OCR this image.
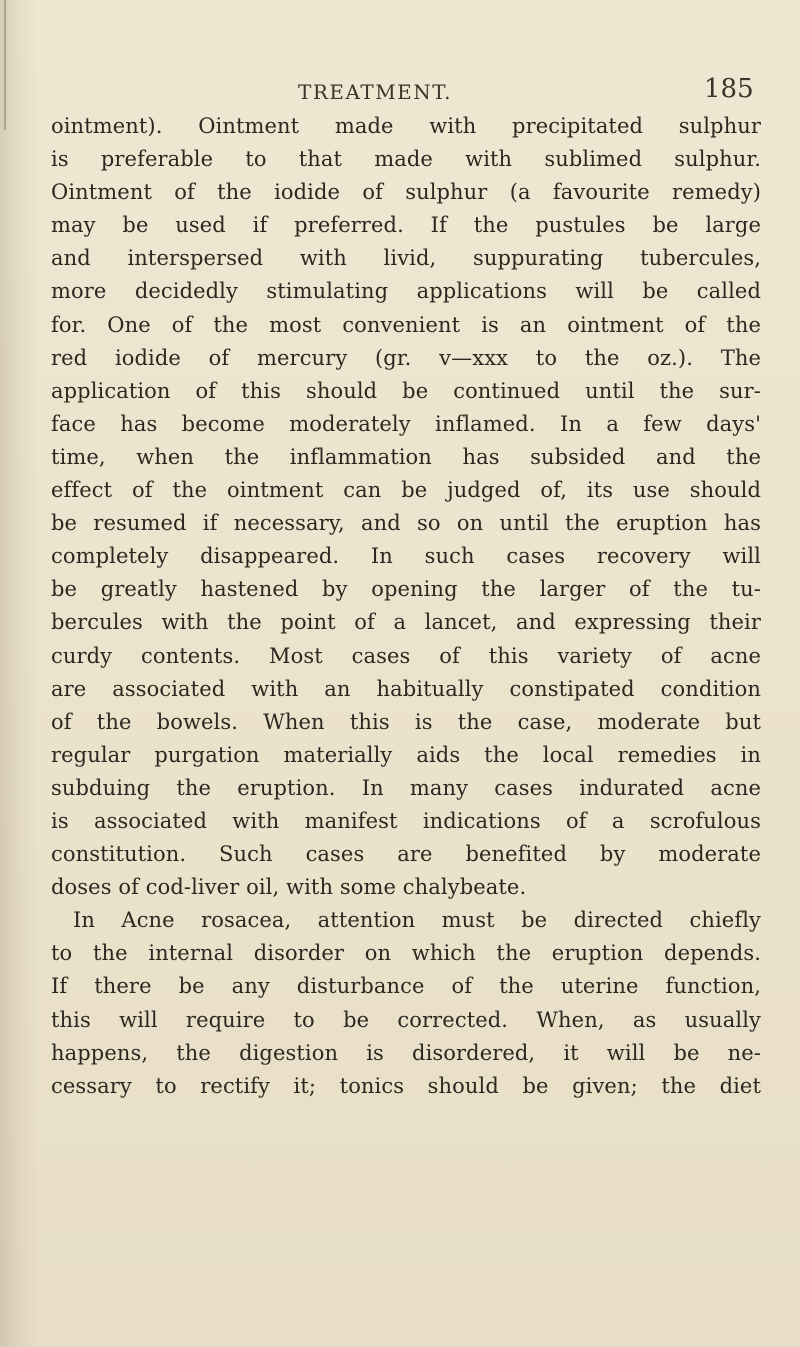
TREATMENT.	185
ointment). Ointment made with precipitated sulphur
is preferable to that made with sublimed sulphur.
Ointment of the iodide of sulphur (a favourite remedy)
may be used if preferred. If the pustules be large
and interspersed with livid, suppurating tubercules,
more decidedly stimulating applications will be called
for. One of the most convenient is an ointment of the
red iodide of mercury (gr. v—xxx to the oz.). The
application of this should be continued until the sur-
face has become moderately inflamed. In a few days'
time, when the inflammation has subsided and the
effect of the ointment can be judged of, its use should
be resumed if necessary, and so on until the eruption has
completely disappeared. In such cases recovery will
be greatly hastened by opening the larger of the tu-
bercules with the point of a lancet, and expressing their
curdy contents. Most cases of this variety of acne
are associated with an habitually constipated condition
of the bowels. When this is the case, moderate but
regular purgation materially aids the local remedies in
subduing the eruption. In many cases indurated acne
is associated with manifest indications of a scrofulous
constitution. Such cases are benefited by moderate
doses of cod-liver oil, with some chalybeate.
In Acne rosacea, attention must be directed chiefly
to the internal disorder on which the eruption depends.
If there be any disturbance of the uterine function,
this will require to be corrected. When, as usually
happens, the digestion is disordered, it will be ne-
cessary to rectify it; tonics should be given; the diet
